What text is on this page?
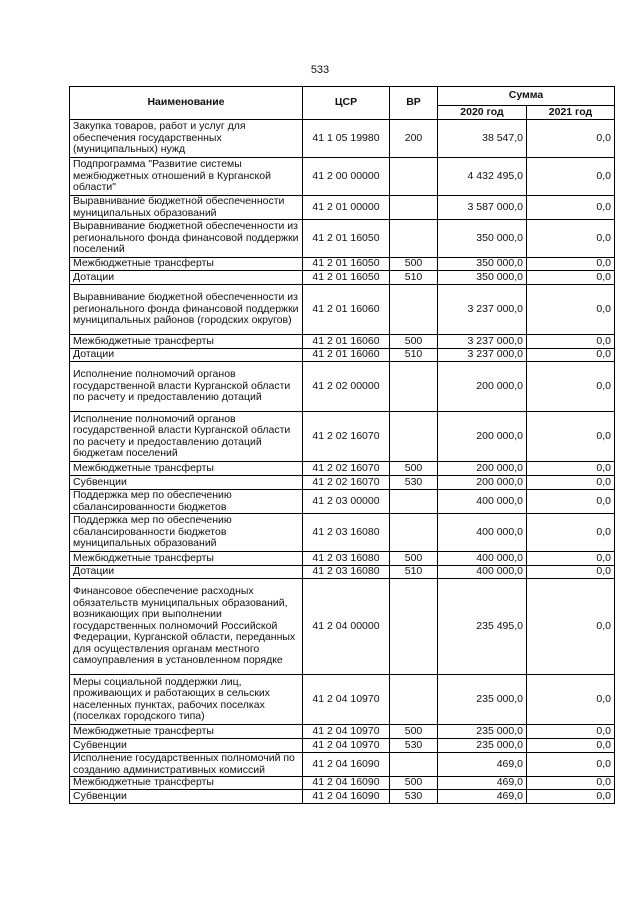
533
Наименование	ЦСР	ВР	Сумма	
			2020 год	2021 год
Закупка товаров, работ и услуг для обеспечения государственных (муниципальных) нужд	41 1 05 19980	200	38 547,0	0,0
Подпрограмма "Развитие системы межбюджетных отношений в Курганской области"	41 2 00 00000		4 432 495,0	0,0
Выравнивание бюджетной обеспеченности муниципальных образований	41 2 01 00000		3 587 000,0	0,0
Выравнивание бюджетной обеспеченности из регионального фонда финансовой поддержки поселений	41 2 01 16050		350 000,0	0,0
Межбюджетные трансферты	41 2 01 16050	500	350 000,0	0,0
Дотации	41 2 01 16050	510	350 000,0	0,0
Выравнивание бюджетной обеспеченности из регионального фонда финансовой поддержки муниципальных районов (городских округов)	41 2 01 16060		3 237 000,0	0,0
Межбюджетные трансферты	41 2 01 16060	500	3 237 000,0	0,0
Дотации	41 2 01 16060	510	3 237 000,0	0,0
Исполнение полномочий органов государственной власти Курганской области по расчету и предоставлению дотаций	41 2 02 00000		200 000,0	0,0
Исполнение полномочий органов государственной власти Курганской области по расчету и предоставлению дотаций бюджетам поселений	41 2 02 16070		200 000,0	0,0
Межбюджетные трансферты	41 2 02 16070	500	200 000,0	0,0
Субвенции	41 2 02 16070	530	200 000,0	0,0
Поддержка мер по обеспечению сбалансированности бюджетов	41 2 03 00000		400 000,0	0,0
Поддержка мер по обеспечению сбалансированности бюджетов муниципальных образований	41 2 03 16080		400 000,0	0,0
Межбюджетные трансферты	41 2 03 16080	500	400 000,0	0,0
Дотации	41 2 03 16080	510	400 000,0	0,0
Финансовое обеспечение расходных обязательств муниципальных образований, возникающих при выполнении государственных полномочий Российской Федерации, Курганской области, переданных для осуществления органам местного самоуправления в установленном порядке	41 2 04 00000		235 495,0	0,0
Меры социальной поддержки лиц, проживающих и работающих в сельских населенных пунктах, рабочих поселках (поселках городского типа)	41 2 04 10970		235 000,0	0,0
Межбюджетные трансферты	41 2 04 10970	500	235 000,0	0,0
Субвенции	41 2 04 10970	530	235 000,0	0,0
Исполнение государственных полномочий по созданию административных комиссий	41 2 04 16090		469,0	0,0
Межбюджетные трансферты	41 2 04 16090	500	469,0	0,0
Субвенции	41 2 04 16090	530	469,0	0,0
